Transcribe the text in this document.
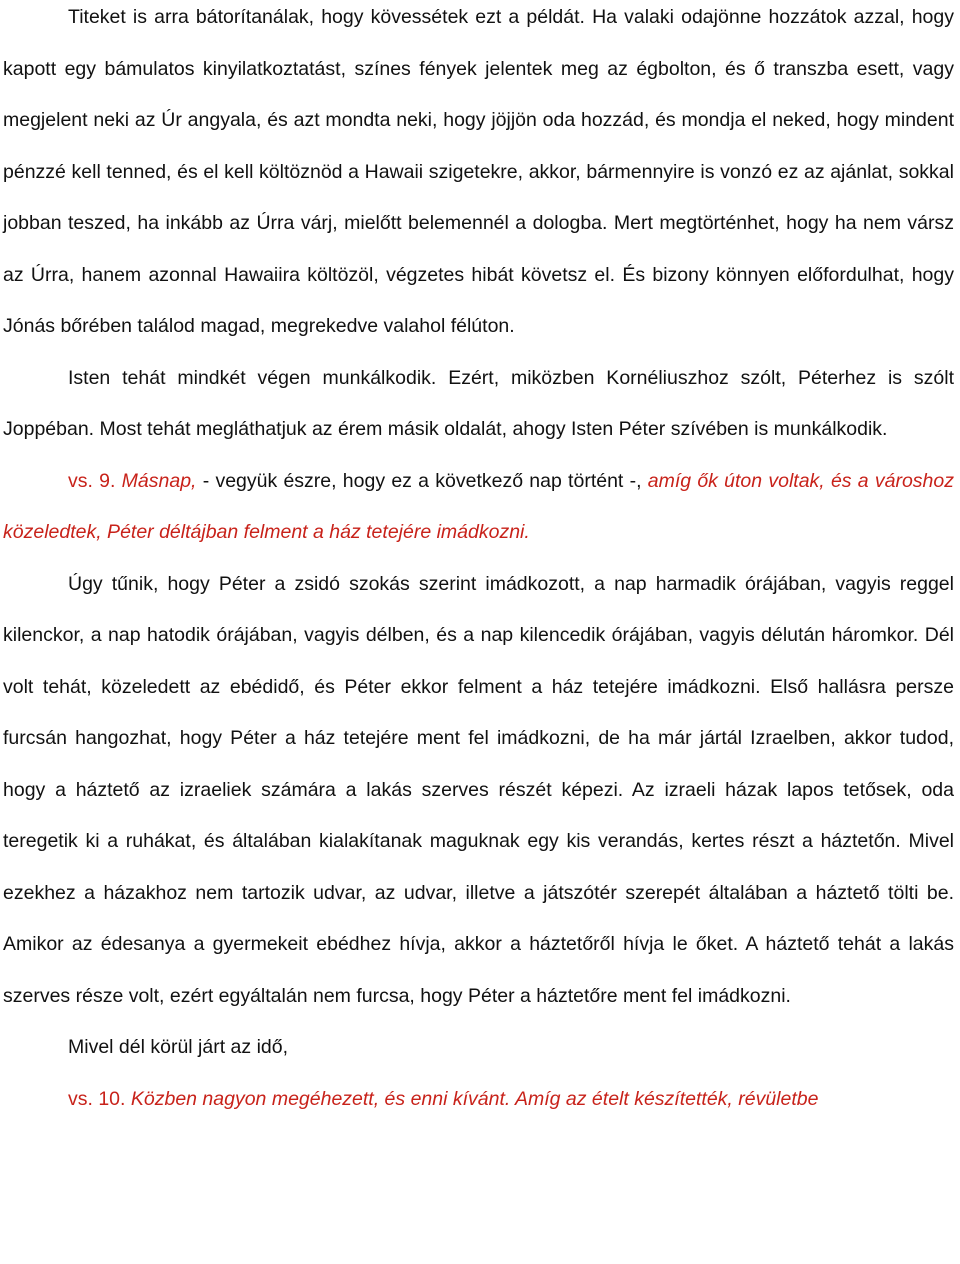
Titeket is arra bátorítanálak, hogy kövessétek ezt a példát. Ha valaki odajönne hozzátok azzal, hogy kapott egy bámulatos kinyilatkoztatást, színes fények jelentek meg az égbolton, és ő transzba esett, vagy megjelent neki az Úr angyala, és azt mondta neki, hogy jöjjön oda hozzád, és mondja el neked, hogy mindent pénzzé kell tenned, és el kell költöznöd a Hawaii szigetekre, akkor, bármennyire is vonzó ez az ajánlat, sokkal jobban teszed, ha inkább az Úrra várj, mielőtt belemennél a dologba. Mert megtörténhet, hogy ha nem vársz az Úrra, hanem azonnal Hawaiira költözöl, végzetes hibát követsz el. És bizony könnyen előfordulhat, hogy Jónás bőrében találod magad, megrekedve valahol félúton.

Isten tehát mindkét végen munkálkodik. Ezért, miközben Kornéliuszhoz szólt, Péterhez is szólt Joppéban. Most tehát megláthatjuk az érem másik oldalát, ahogy Isten Péter szívében is munkálkodik.

vs. 9. Másnap, - vegyük észre, hogy ez a következő nap történt -, amíg ők úton voltak, és a városhoz közeledtek, Péter déltájban felment a ház tetejére imádkozni.

Úgy tűnik, hogy Péter a zsidó szokás szerint imádkozott, a nap harmadik órájában, vagyis reggel kilenckor, a nap hatodik órájában, vagyis délben, és a nap kilencedik órájában, vagyis délután háromkor. Dél volt tehát, közeledett az ebédidő, és Péter ekkor felment a ház tetejére imádkozni. Első hallásra persze furcsán hangozhat, hogy Péter a ház tetejére ment fel imádkozni, de ha már jártál Izraelben, akkor tudod, hogy a háztető az izraeliek számára a lakás szerves részét képezi. Az izraeli házak lapos tetősek, oda teregetik ki a ruhákat, és általában kialakítanak maguknak egy kis verandás, kertes részt a háztetőn. Mivel ezekhez a házakhoz nem tartozik udvar, az udvar, illetve a játszótér szerepét általában a háztető tölti be. Amikor az édesanya a gyermekeit ebédhez hívja, akkor a háztetőről hívja le őket. A háztető tehát a lakás szerves része volt, ezért egyáltalán nem furcsa, hogy Péter a háztetőre ment fel imádkozni.

Mivel dél körül járt az idő,

vs. 10. Közben nagyon megéhezett, és enni kívánt. Amíg az ételt készítették, révületbe
